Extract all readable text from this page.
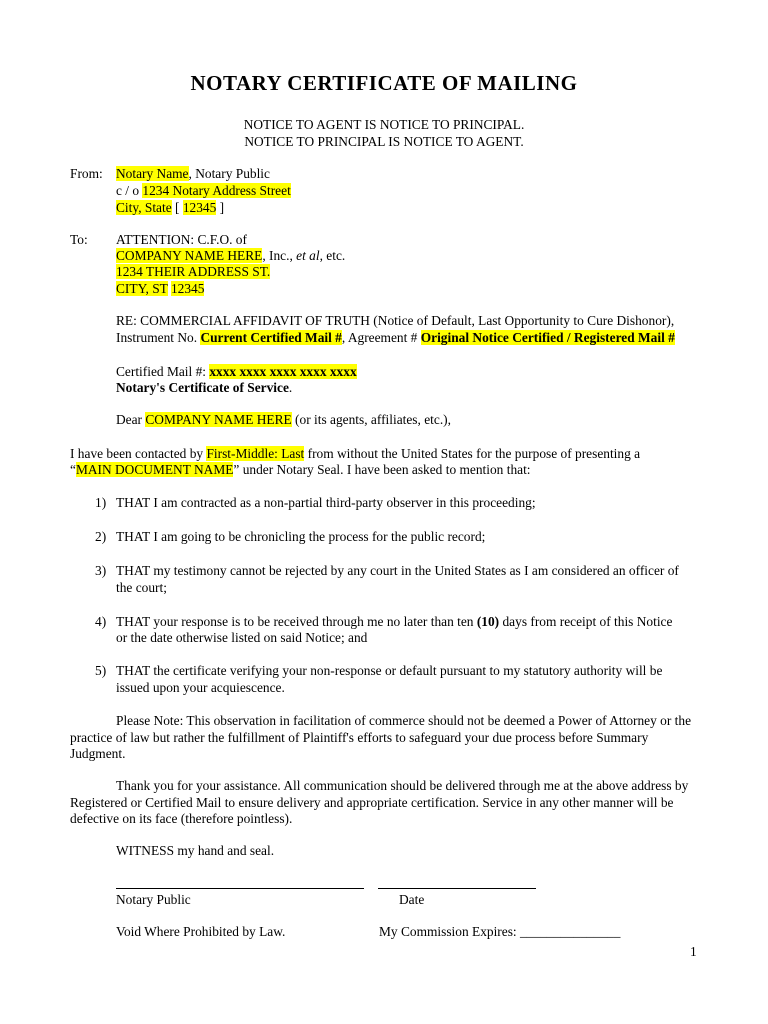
NOTARY CERTIFICATE OF MAILING
NOTICE TO AGENT IS NOTICE TO PRINCIPAL.
NOTICE TO PRINCIPAL IS NOTICE TO AGENT.
From: Notary Name, Notary Public
c / o 1234 Notary Address Street
City, State [ 12345 ]
To: ATTENTION: C.F.O. of
COMPANY NAME HERE, Inc., et al, etc.
1234 THEIR ADDRESS ST.
CITY, ST 12345
RE: COMMERCIAL AFFIDAVIT OF TRUTH (Notice of Default, Last Opportunity to Cure Dishonor),
Instrument No. Current Certified Mail #, Agreement # Original Notice Certified / Registered Mail #
Certified Mail #: xxxx xxxx xxxx xxxx xxxx
Notary's Certificate of Service.
Dear COMPANY NAME HERE (or its agents, affiliates, etc.),
I have been contacted by First-Middle: Last from without the United States for the purpose of presenting a
“MAIN DOCUMENT NAME” under Notary Seal. I have been asked to mention that:
1) THAT I am contracted as a non-partial third-party observer in this proceeding;
2) THAT I am going to be chronicling the process for the public record;
3) THAT my testimony cannot be rejected by any court in the United States as I am considered an officer of
the court;
4) THAT your response is to be received through me no later than ten (10) days from receipt of this Notice
or the date otherwise listed on said Notice; and
5) THAT the certificate verifying your non-response or default pursuant to my statutory authority will be
issued upon your acquiescence.
Please Note: This observation in facilitation of commerce should not be deemed a Power of Attorney or the practice of law but rather the fulfillment of Plaintiff's efforts to safeguard your due process before Summary Judgment.
Thank you for your assistance. All communication should be delivered through me at the above address by Registered or Certified Mail to ensure delivery and appropriate certification. Service in any other manner will be defective on its face (therefore pointless).
WITNESS my hand and seal.
Notary Public	Date
Void Where Prohibited by Law.	My Commission Expires: _______________
1
